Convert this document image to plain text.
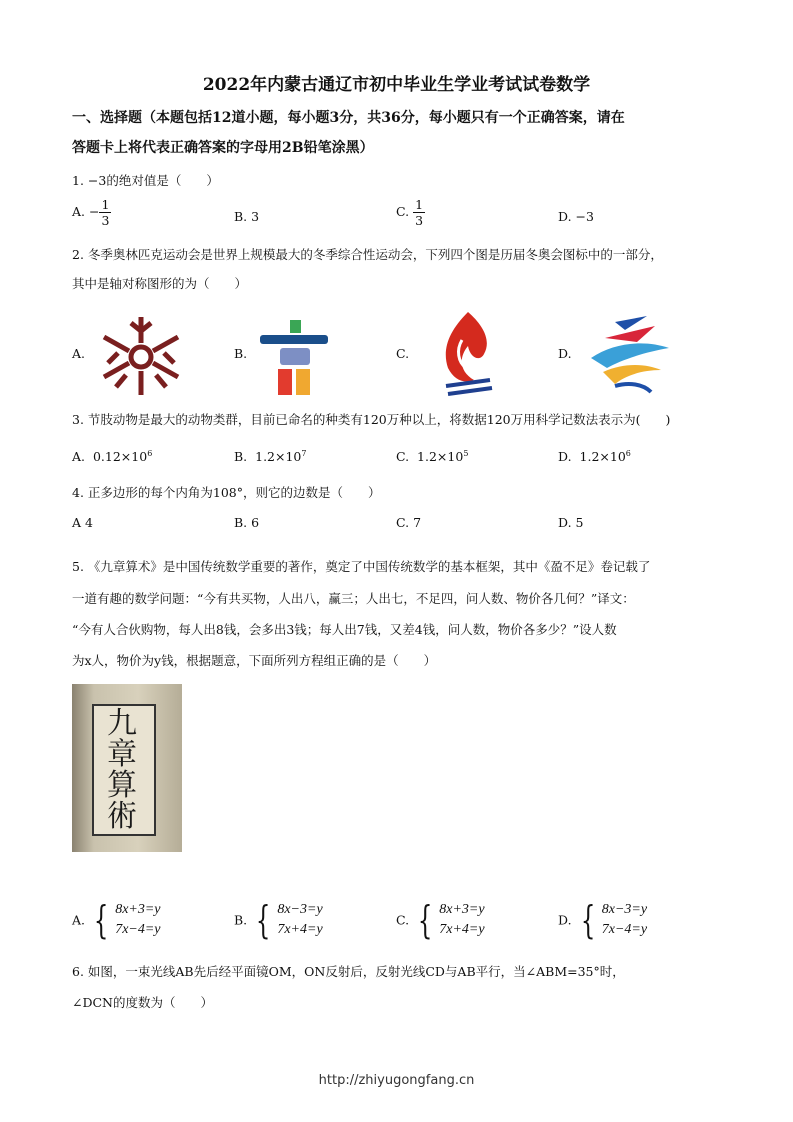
2022年内蒙古通辽市初中毕业生学业考试试卷数学
一、选择题（本题包括12道小题，每小题3分，共36分，每小题只有一个正确答案，请在
答题卡上将代表正确答案的字母用2B铅笔涂黑）
1. −3的绝对值是（　　）
A. − $\frac{1}{3}$	B. 3	C. $\frac{1}{3}$	D. −3
2. 冬季奥林匹克运动会是世界上规模最大的冬季综合性运动会，下列四个图是历届冬奥会图标中的一部分，
其中是轴对称图形的为（　　）
A.	B.	C.	D.
3. 节肢动物是最大的动物类群，目前已命名的种类有120万种以上，将数据120万用科学记数法表示为(　　)
A. $0.12\times 10^6$	B. $1.2\times 10^7$	C. $1.2\times 10^5$	D. $1.2\times 10^6$
4. 正多边形的每个内角为108°，则它的边数是（　　）
A 4	B. 6	C. 7	D. 5
5. 《九章算术》是中国传统数学重要的著作，奠定了中国传统数学的基本框架，其中《盈不足》卷记载了
一道有趣的数学问题：“今有共买物，人出八，赢三；人出七，不足四，问人数、物价各几何？”译文：
“今有人合伙购物，每人出8钱，会多出3钱；每人出7钱，又差4钱，问人数，物价各多少？”设人数
为x人，物价为y钱，根据题意，下面所列方程组正确的是（　　）
九章算術
A. { 8x+3=y
7x−4=y
B. { 8x−3=y
7x+4=y
C. { 8x+3=y
7x+4=y
D. { 8x−3=y
7x−4=y
6. 如图，一束光线AB先后经平面镜OM，ON反射后，反射光线CD与AB平行，当∠ABM=35°时，
∠DCN的度数为（　　）
http://zhiyugongfang.cn
